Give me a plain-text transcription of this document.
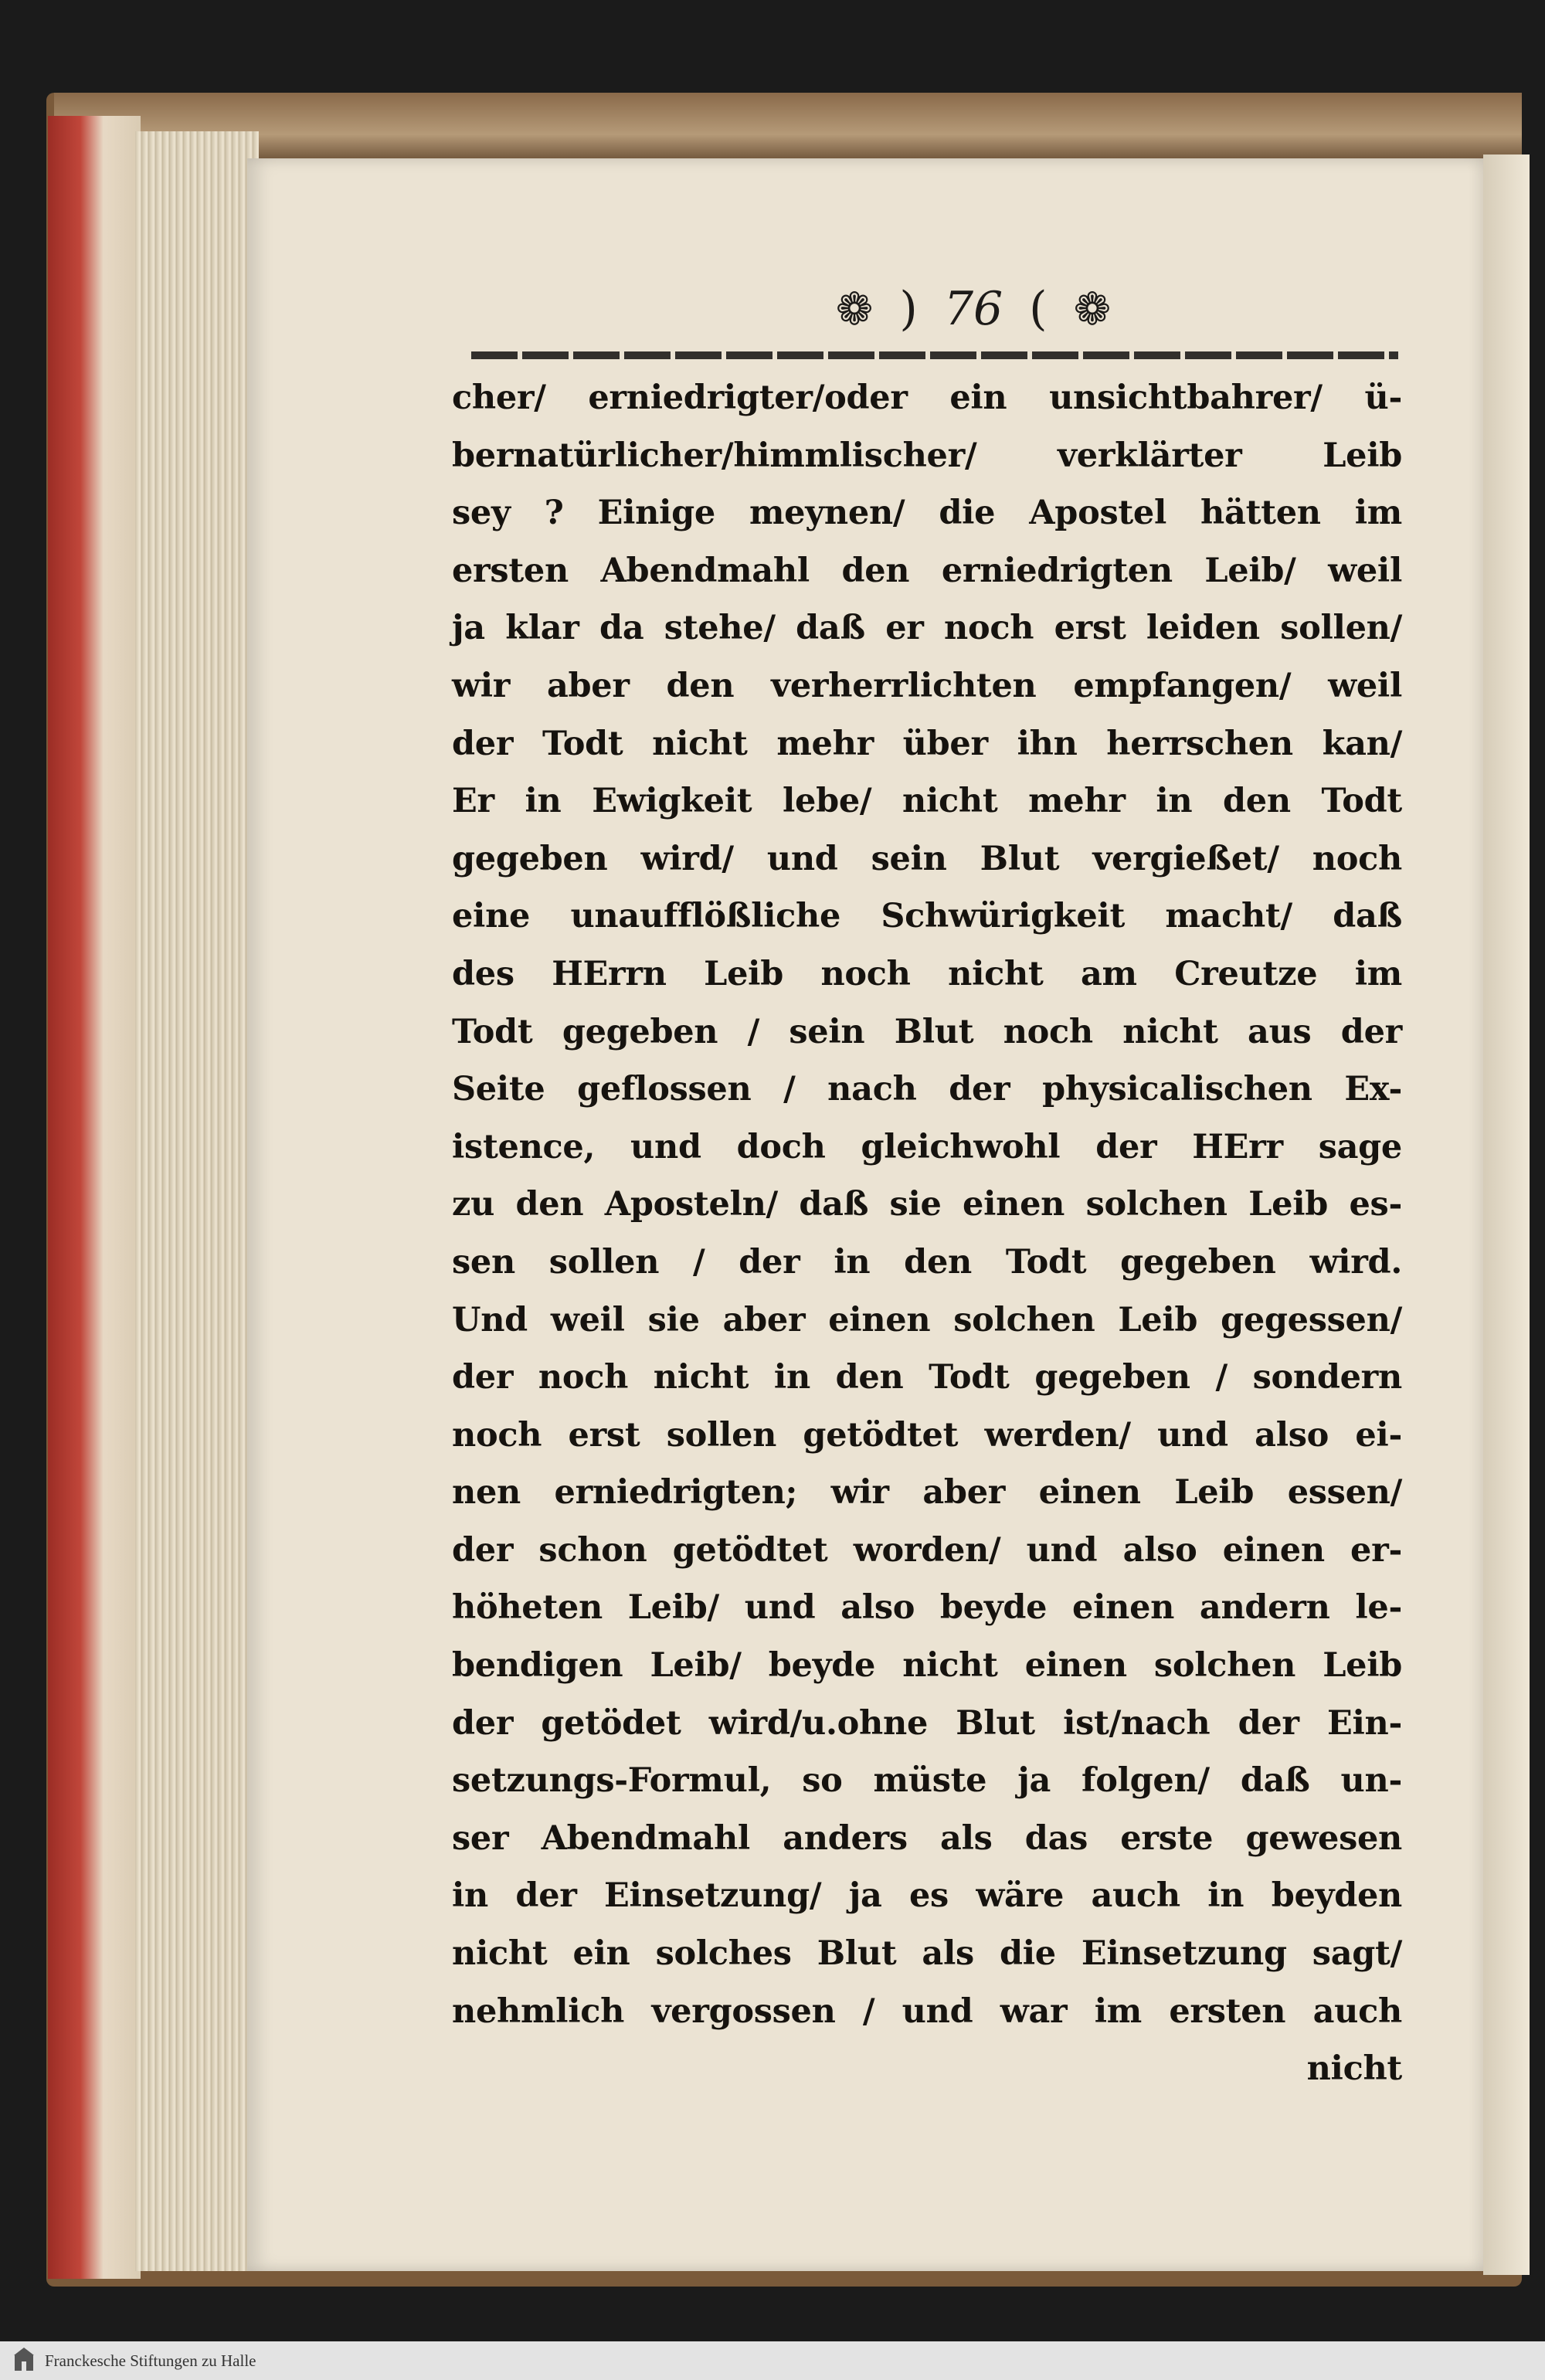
❁ ) 76 ( ❁
cher/ erniedrigter/oder ein unsichtbahrer/ ü-
bernatürlicher/himmlischer/ verklärter Leib
sey ? Einige meynen/ die Apostel hätten im
ersten Abendmahl den erniedrigten Leib/ weil
ja klar da stehe/ daß er noch erst leiden sollen/
wir aber den verherrlichten empfangen/ weil
der Todt nicht mehr über ihn herrschen kan/
Er in Ewigkeit lebe/ nicht mehr in den Todt
gegeben wird/ und sein Blut vergießet/ noch
eine unaufflößliche Schwürigkeit macht/ daß
des HErrn Leib noch nicht am Creutze im
Todt gegeben / sein Blut noch nicht aus der
Seite geflossen / nach der physicalischen Ex-
istence, und doch gleichwohl der HErr sage
zu den Aposteln/ daß sie einen solchen Leib es-
sen sollen / der in den Todt gegeben wird.
Und weil sie aber einen solchen Leib gegessen/
der noch nicht in den Todt gegeben / sondern
noch erst sollen getödtet werden/ und also ei-
nen erniedrigten; wir aber einen Leib essen/
der schon getödtet worden/ und also einen er-
höheten Leib/ und also beyde einen andern le-
bendigen Leib/ beyde nicht einen solchen Leib
der getödet wird/u.ohne Blut ist/nach der Ein-
setzungs-Formul, so müste ja folgen/ daß un-
ser Abendmahl anders als das erste gewesen
in der Einsetzung/ ja es wäre auch in beyden
nicht ein solches Blut als die Einsetzung sagt/
nehmlich vergossen / und war im ersten auch
nicht
Franckesche Stiftungen zu Halle
